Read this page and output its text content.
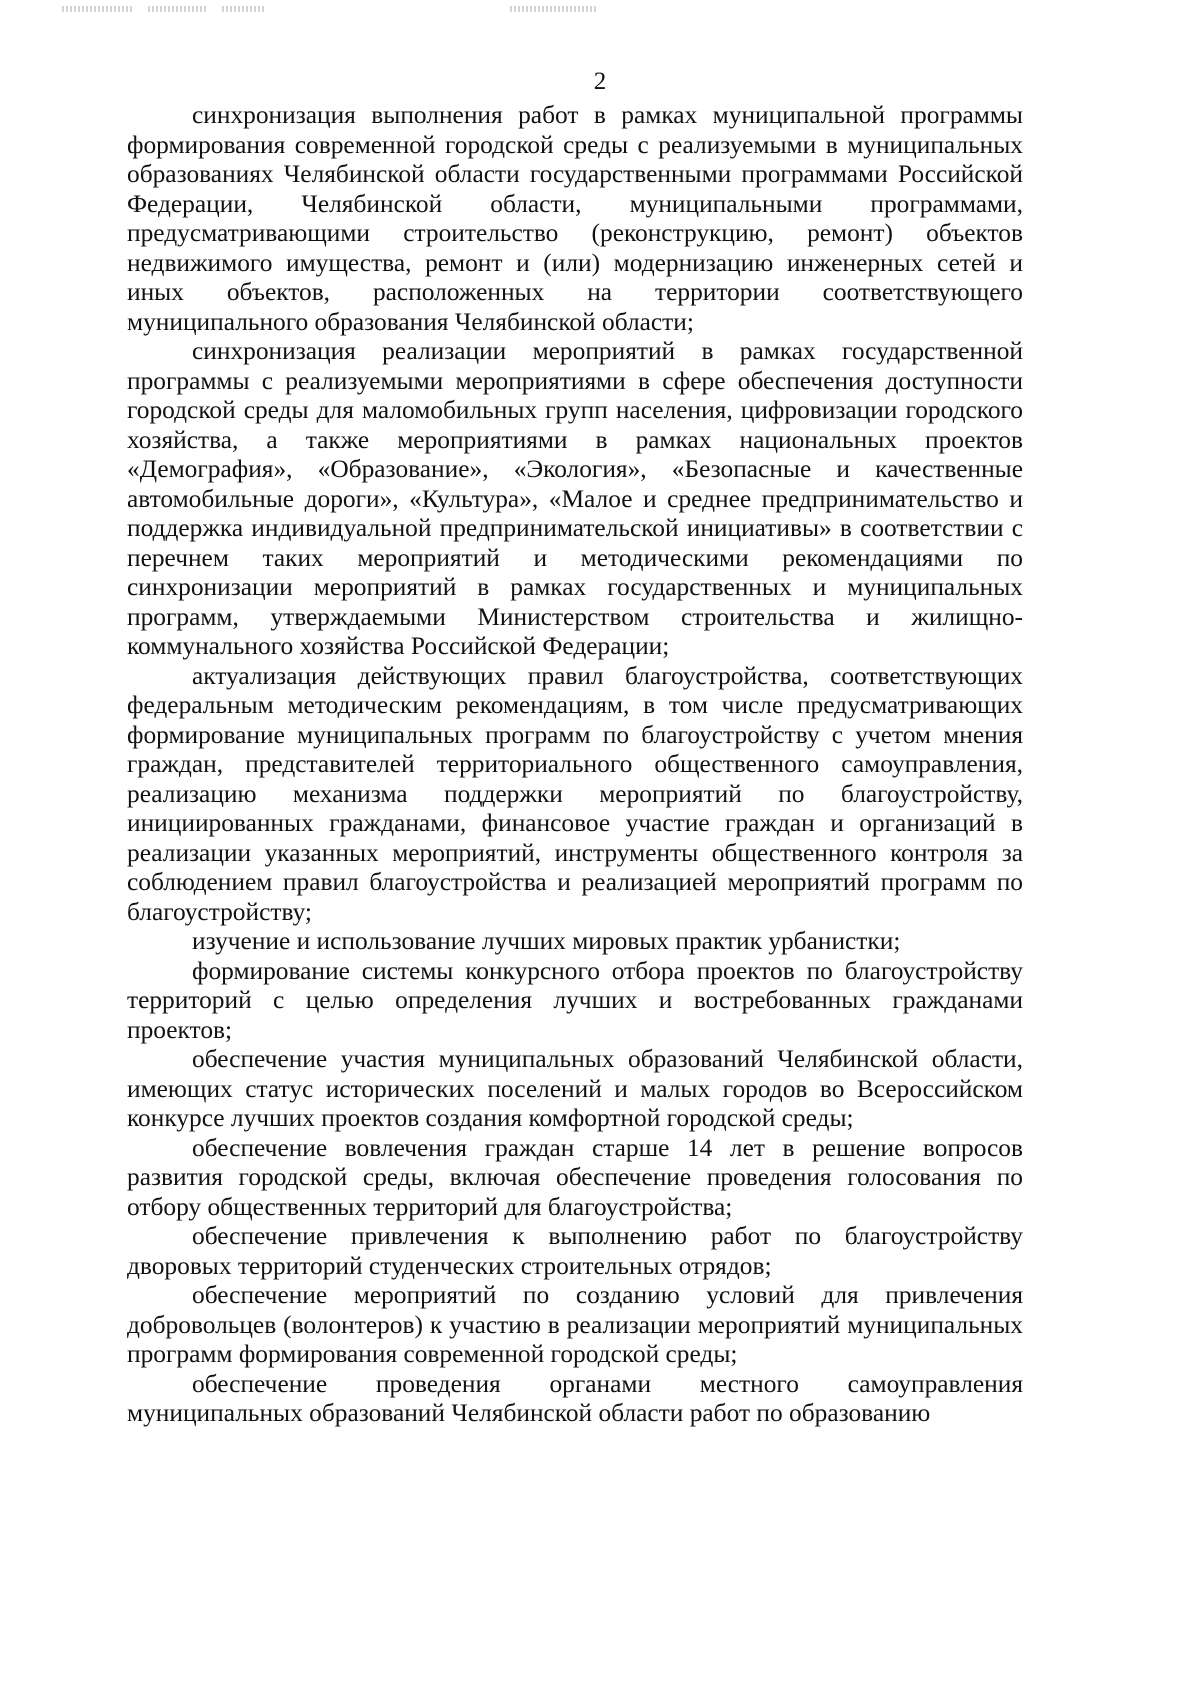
2

синхронизация выполнения работ в рамках муниципальной программы формирования современной городской среды с реализуемыми в муниципальных образованиях Челябинской области государственными программами Российской Федерации, Челябинской области, муниципальными программами, предусматривающими строительство (реконструкцию, ремонт) объектов недвижимого имущества, ремонт и (или) модернизацию инженерных сетей и иных объектов, расположенных на территории соответствующего муниципального образования Челябинской области;

синхронизация реализации мероприятий в рамках государственной программы с реализуемыми мероприятиями в сфере обеспечения доступности городской среды для маломобильных групп населения, цифровизации городского хозяйства, а также мероприятиями в рамках национальных проектов «Демография», «Образование», «Экология», «Безопасные и качественные автомобильные дороги», «Культура», «Малое и среднее предпринимательство и поддержка индивидуальной предпринимательской инициативы» в соответствии с перечнем таких мероприятий и методическими рекомендациями по синхронизации мероприятий в рамках государственных и муниципальных программ, утверждаемыми Министерством строительства и жилищно-коммунального хозяйства Российской Федерации;

актуализация действующих правил благоустройства, соответствующих федеральным методическим рекомендациям, в том числе предусматривающих формирование муниципальных программ по благоустройству с учетом мнения граждан, представителей территориального общественного самоуправления, реализацию механизма поддержки мероприятий по благоустройству, инициированных гражданами, финансовое участие граждан и организаций в реализации указанных мероприятий, инструменты общественного контроля за соблюдением правил благоустройства и реализацией мероприятий программ по благоустройству;

изучение и использование лучших мировых практик урбанистки;

формирование системы конкурсного отбора проектов по благоустройству территорий с целью определения лучших и востребованных гражданами проектов;

обеспечение участия муниципальных образований Челябинской области, имеющих статус исторических поселений и малых городов во Всероссийском конкурсе лучших проектов создания комфортной городской среды;

обеспечение вовлечения граждан старше 14 лет в решение вопросов развития городской среды, включая обеспечение проведения голосования по отбору общественных территорий для благоустройства;

обеспечение привлечения к выполнению работ по благоустройству дворовых территорий студенческих строительных отрядов;

обеспечение мероприятий по созданию условий для привлечения добровольцев (волонтеров) к участию в реализации мероприятий муниципальных программ формирования современной городской среды;

обеспечение проведения органами местного самоуправления муниципальных образований Челябинской области работ по образованию
